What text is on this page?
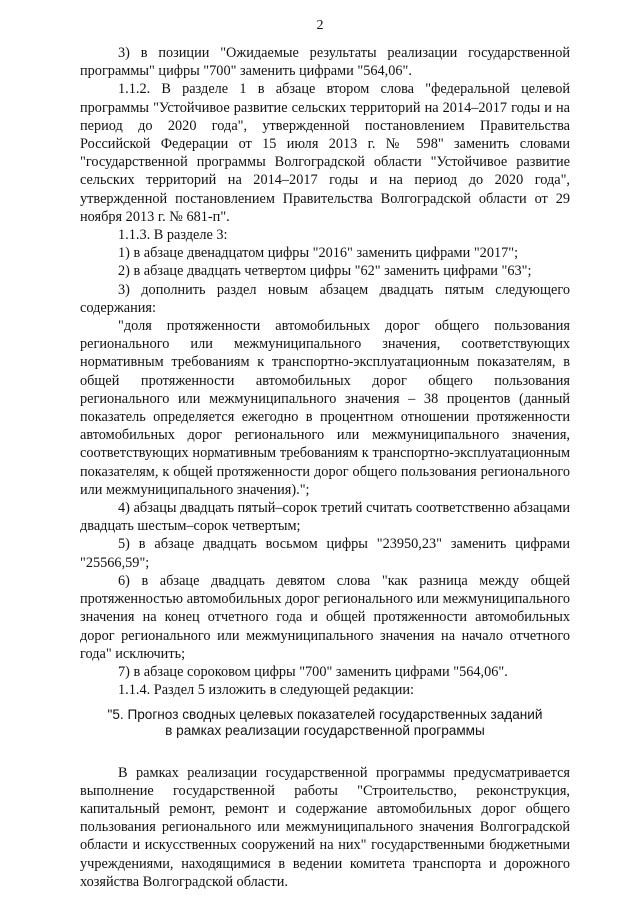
2

3) в позиции "Ожидаемые результаты реализации государственной программы" цифры "700" заменить цифрами "564,06".

1.1.2. В разделе 1 в абзаце втором слова "федеральной целевой программы "Устойчивое развитие сельских территорий на 2014–2017 годы и на период до 2020 года", утвержденной постановлением Правительства Российской Федерации от 15 июля 2013 г. № 598" заменить словами "государственной программы Волгоградской области "Устойчивое развитие сельских территорий на 2014–2017 годы и на период до 2020 года", утвержденной постановлением Правительства Волгоградской области от 29 ноября 2013 г. № 681-п".

1.1.3. В разделе 3:

1) в абзаце двенадцатом цифры "2016" заменить цифрами "2017";

2) в абзаце двадцать четвертом цифры "62" заменить цифрами "63";

3) дополнить раздел новым абзацем двадцать пятым следующего содержания:

"доля протяженности автомобильных дорог общего пользования регионального или межмуниципального значения, соответствующих нормативным требованиям к транспортно-эксплуатационным показателям, в общей протяженности автомобильных дорог общего пользования регионального или межмуниципального значения – 38 процентов (данный показатель определяется ежегодно в процентном отношении протяженности автомобильных дорог регионального или межмуниципального значения, соответствующих нормативным требованиям к транспортно-эксплуатационным показателям, к общей протяженности дорог общего пользования регионального или межмуниципального значения).";

4) абзацы двадцать пятый–сорок третий считать соответственно абзацами двадцать шестым–сорок четвертым;

5) в абзаце двадцать восьмом цифры "23950,23" заменить цифрами "25566,59";

6) в абзаце двадцать девятом слова "как разница между общей протяженностью автомобильных дорог регионального или межмуниципального значения на конец отчетного года и общей протяженности автомобильных дорог регионального или межмуниципального значения на начало отчетного года" исключить;

7) в абзаце сороковом цифры "700" заменить цифрами "564,06".

1.1.4. Раздел 5 изложить в следующей редакции:

"5. Прогноз сводных целевых показателей государственных заданий
в рамках реализации государственной программы

В рамках реализации государственной программы предусматривается выполнение государственной работы "Строительство, реконструкция, капитальный ремонт, ремонт и содержание автомобильных дорог общего пользования регионального или межмуниципального значения Волгоградской области и искусственных сооружений на них" государственными бюджетными учреждениями, находящимися в ведении комитета транспорта и дорожного хозяйства Волгоградской области.
